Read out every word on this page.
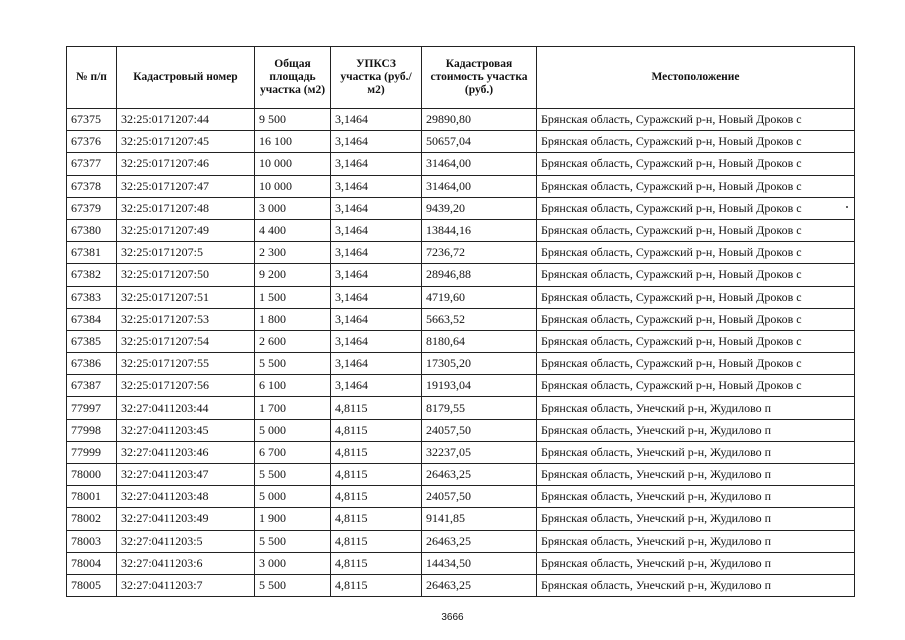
№ п/п	Кадастровый номер	Общая площадь участка (м2)	УПКСЗ участка (руб./м2)	Кадастровая стоимость участка (руб.)	Местоположение
67375	32:25:0171207:44	9 500	3,1464	29890,80	Брянская область, Суражский р-н, Новый Дроков с
67376	32:25:0171207:45	16 100	3,1464	50657,04	Брянская область, Суражский р-н, Новый Дроков с
67377	32:25:0171207:46	10 000	3,1464	31464,00	Брянская область, Суражский р-н, Новый Дроков с
67378	32:25:0171207:47	10 000	3,1464	31464,00	Брянская область, Суражский р-н, Новый Дроков с
67379	32:25:0171207:48	3 000	3,1464	9439,20	Брянская область, Суражский р-н, Новый Дроков с
67380	32:25:0171207:49	4 400	3,1464	13844,16	Брянская область, Суражский р-н, Новый Дроков с
67381	32:25:0171207:5	2 300	3,1464	7236,72	Брянская область, Суражский р-н, Новый Дроков с
67382	32:25:0171207:50	9 200	3,1464	28946,88	Брянская область, Суражский р-н, Новый Дроков с
67383	32:25:0171207:51	1 500	3,1464	4719,60	Брянская область, Суражский р-н, Новый Дроков с
67384	32:25:0171207:53	1 800	3,1464	5663,52	Брянская область, Суражский р-н, Новый Дроков с
67385	32:25:0171207:54	2 600	3,1464	8180,64	Брянская область, Суражский р-н, Новый Дроков с
67386	32:25:0171207:55	5 500	3,1464	17305,20	Брянская область, Суражский р-н, Новый Дроков с
67387	32:25:0171207:56	6 100	3,1464	19193,04	Брянская область, Суражский р-н, Новый Дроков с
77997	32:27:0411203:44	1 700	4,8115	8179,55	Брянская область, Унечский р-н, Жудилово п
77998	32:27:0411203:45	5 000	4,8115	24057,50	Брянская область, Унечский р-н, Жудилово п
77999	32:27:0411203:46	6 700	4,8115	32237,05	Брянская область, Унечский р-н, Жудилово п
78000	32:27:0411203:47	5 500	4,8115	26463,25	Брянская область, Унечский р-н, Жудилово п
78001	32:27:0411203:48	5 000	4,8115	24057,50	Брянская область, Унечский р-н, Жудилово п
78002	32:27:0411203:49	1 900	4,8115	9141,85	Брянская область, Унечский р-н, Жудилово п
78003	32:27:0411203:5	5 500	4,8115	26463,25	Брянская область, Унечский р-н, Жудилово п
78004	32:27:0411203:6	3 000	4,8115	14434,50	Брянская область, Унечский р-н, Жудилово п
78005	32:27:0411203:7	5 500	4,8115	26463,25	Брянская область, Унечский р-н, Жудилово п
3666
